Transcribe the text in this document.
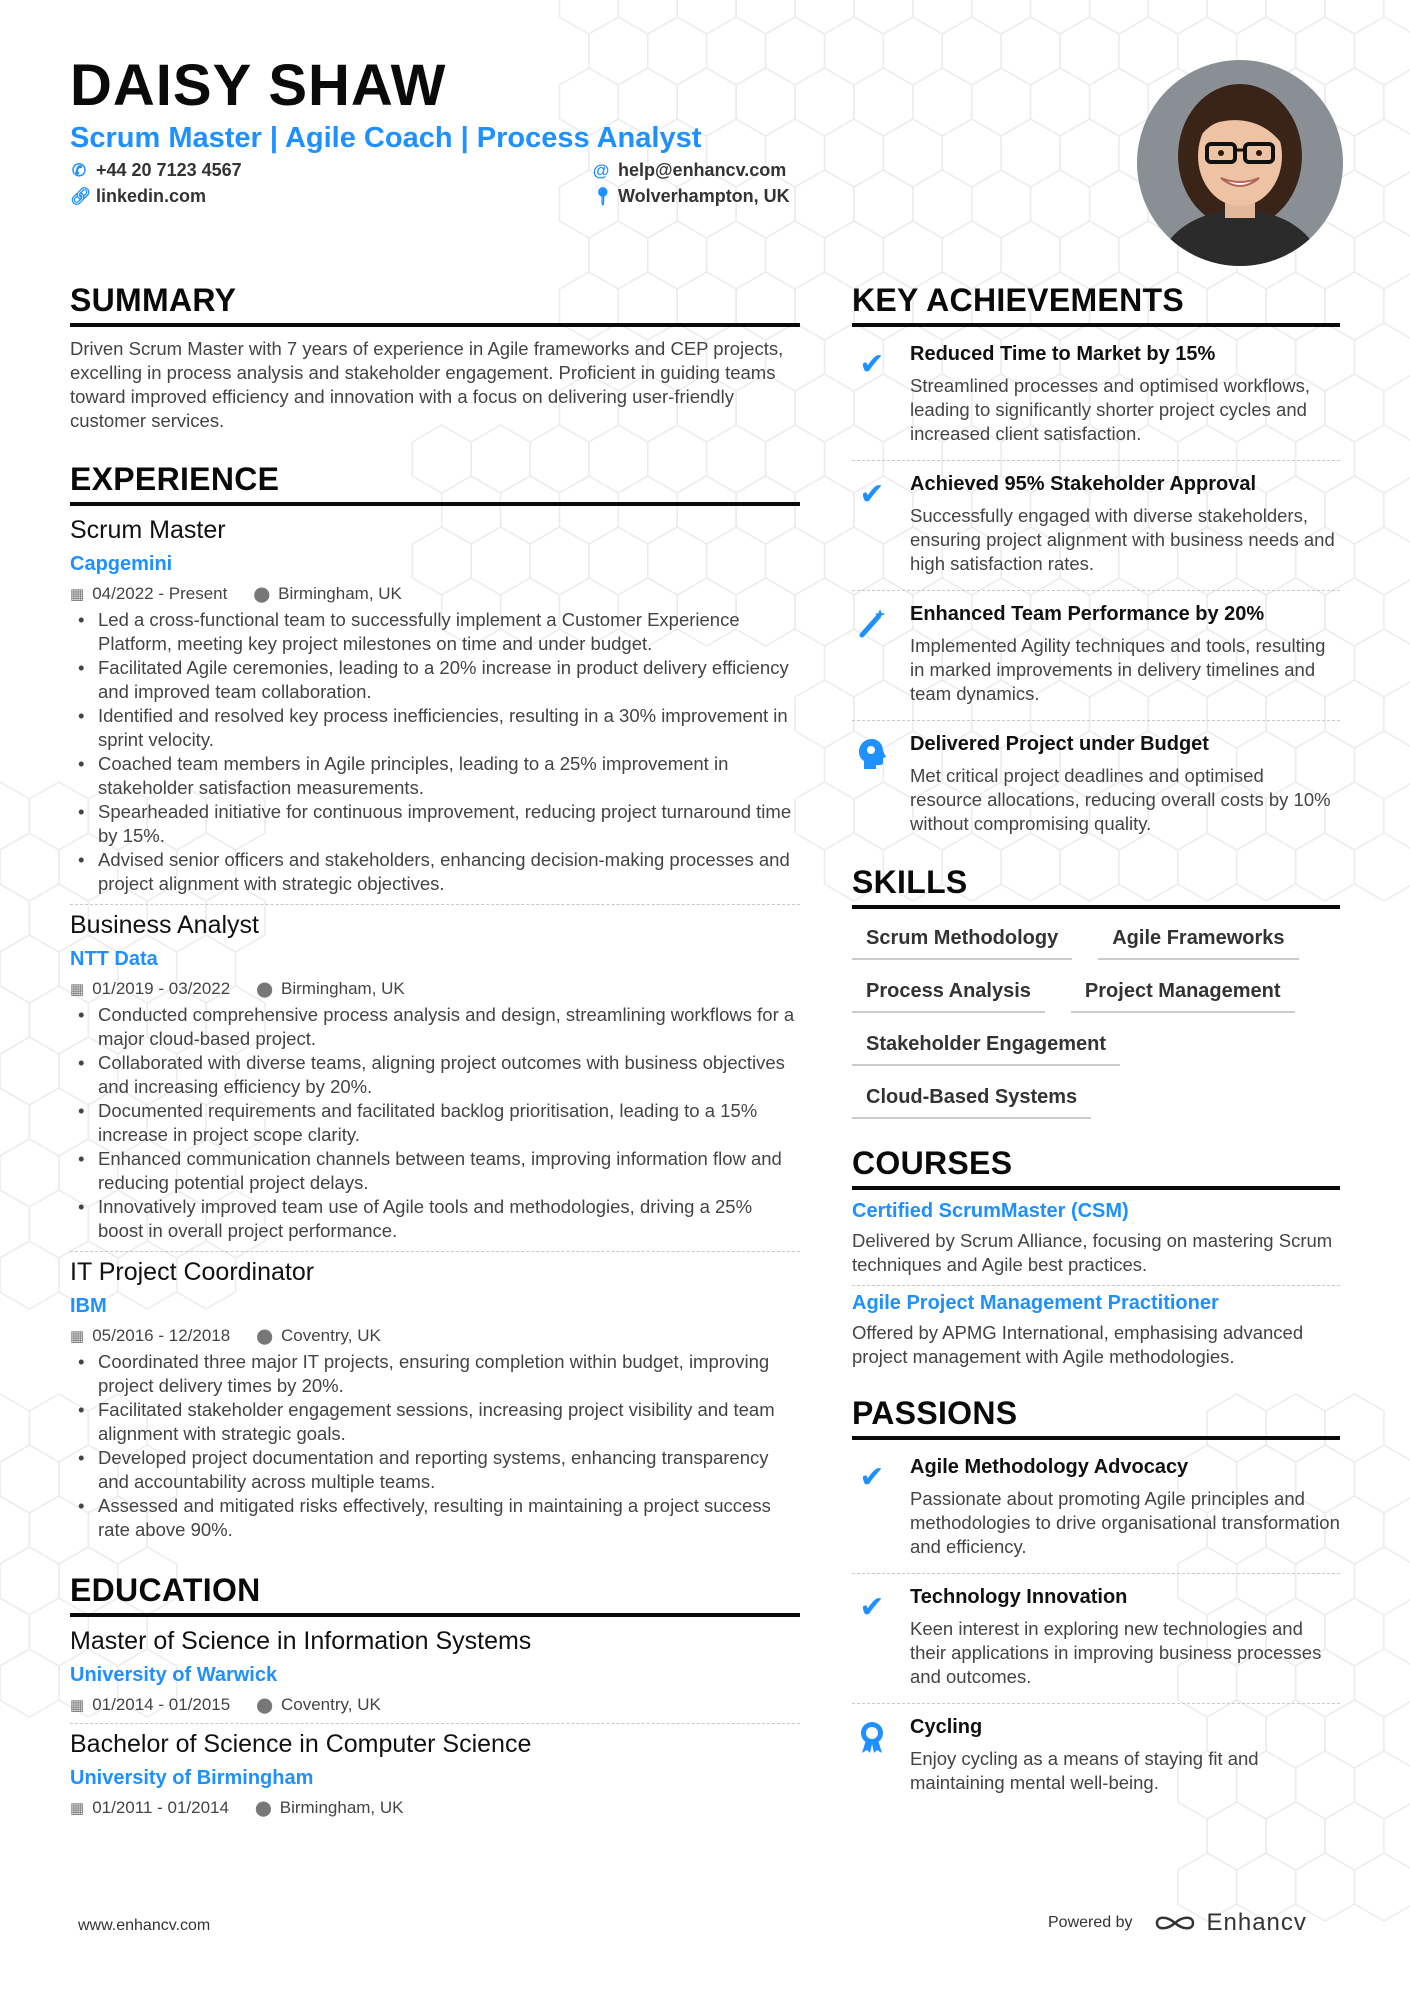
DAISY SHAW
Scrum Master | Agile Coach | Process Analyst
✆ +44 20 7123 4567	@ help@enhancv.com
🔗︎ linkedin.com	📍︎ Wolverhampton, UK
SUMMARY
Driven Scrum Master with 7 years of experience in Agile frameworks and CEP projects, excelling in process analysis and stakeholder engagement. Proficient in guiding teams toward improved efficiency and innovation with a focus on delivering user-friendly customer services.
EXPERIENCE
Scrum Master
Capgemini
▦ 04/2022 - Present ⬤ Birmingham, UK
• Led a cross-functional team to successfully implement a Customer Experience Platform, meeting key project milestones on time and under budget.
• Facilitated Agile ceremonies, leading to a 20% increase in product delivery efficiency and improved team collaboration.
• Identified and resolved key process inefficiencies, resulting in a 30% improvement in sprint velocity.
• Coached team members in Agile principles, leading to a 25% improvement in stakeholder satisfaction measurements.
• Spearheaded initiative for continuous improvement, reducing project turnaround time by 15%.
• Advised senior officers and stakeholders, enhancing decision-making processes and project alignment with strategic objectives.
Business Analyst
NTT Data
▦ 01/2019 - 03/2022 ⬤ Birmingham, UK
• Conducted comprehensive process analysis and design, streamlining workflows for a major cloud-based project.
• Collaborated with diverse teams, aligning project outcomes with business objectives and increasing efficiency by 20%.
• Documented requirements and facilitated backlog prioritisation, leading to a 15% increase in project scope clarity.
• Enhanced communication channels between teams, improving information flow and reducing potential project delays.
• Innovatively improved team use of Agile tools and methodologies, driving a 25% boost in overall project performance.
IT Project Coordinator
IBM
▦ 05/2016 - 12/2018 ⬤ Coventry, UK
• Coordinated three major IT projects, ensuring completion within budget, improving project delivery times by 20%.
• Facilitated stakeholder engagement sessions, increasing project visibility and team alignment with strategic goals.
• Developed project documentation and reporting systems, enhancing transparency and accountability across multiple teams.
• Assessed and mitigated risks effectively, resulting in maintaining a project success rate above 90%.
EDUCATION
Master of Science in Information Systems
University of Warwick
▦ 01/2014 - 01/2015 ⬤ Coventry, UK
Bachelor of Science in Computer Science
University of Birmingham
▦ 01/2011 - 01/2014 ⬤ Birmingham, UK
KEY ACHIEVEMENTS
✔	Reduced Time to Market by 15%
Streamlined processes and optimised workflows, leading to significantly shorter project cycles and increased client satisfaction.
✔	Achieved 95% Stakeholder Approval
Successfully engaged with diverse stakeholders, ensuring project alignment with business needs and high satisfaction rates.
Enhanced Team Performance by 20%
Implemented Agility techniques and tools, resulting in marked improvements in delivery timelines and team dynamics.
Delivered Project under Budget
Met critical project deadlines and optimised resource allocations, reducing overall costs by 10% without compromising quality.
SKILLS
Scrum Methodology	Agile Frameworks
Process Analysis	Project Management
Stakeholder Engagement
Cloud-Based Systems
COURSES
Certified ScrumMaster (CSM)
Delivered by Scrum Alliance, focusing on mastering Scrum techniques and Agile best practices.
Agile Project Management Practitioner
Offered by APMG International, emphasising advanced project management with Agile methodologies.
PASSIONS
✔	Agile Methodology Advocacy
Passionate about promoting Agile principles and methodologies to drive organisational transformation and efficiency.
✔	Technology Innovation
Keen interest in exploring new technologies and their applications in improving business processes and outcomes.
Cycling
Enjoy cycling as a means of staying fit and maintaining mental well-being.
www.enhancv.com	Powered by	Enhancv
